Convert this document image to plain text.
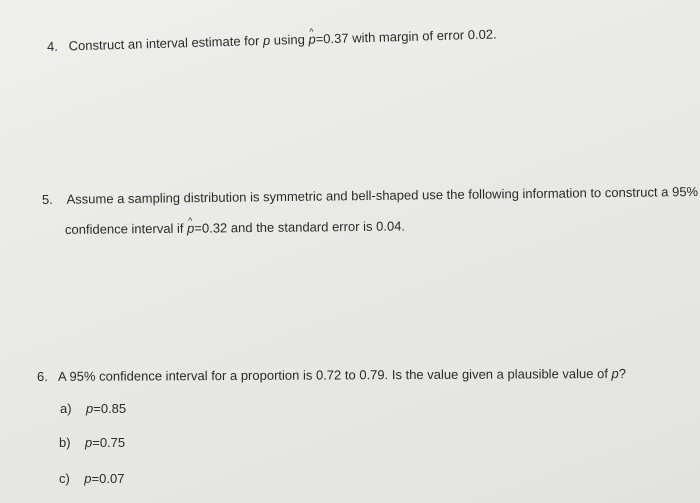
4. Construct an interval estimate for p using ^ p=0.37 with margin of error 0.02.
5. Assume a sampling distribution is symmetric and bell-shaped use the following information to construct a 95%
confidence interval if ^ p=0.32 and the standard error is 0.04.
6. A 95% confidence interval for a proportion is 0.72 to 0.79. Is the value given a plausible value of p?
a) p=0.85
b) p=0.75
c) p=0.07
